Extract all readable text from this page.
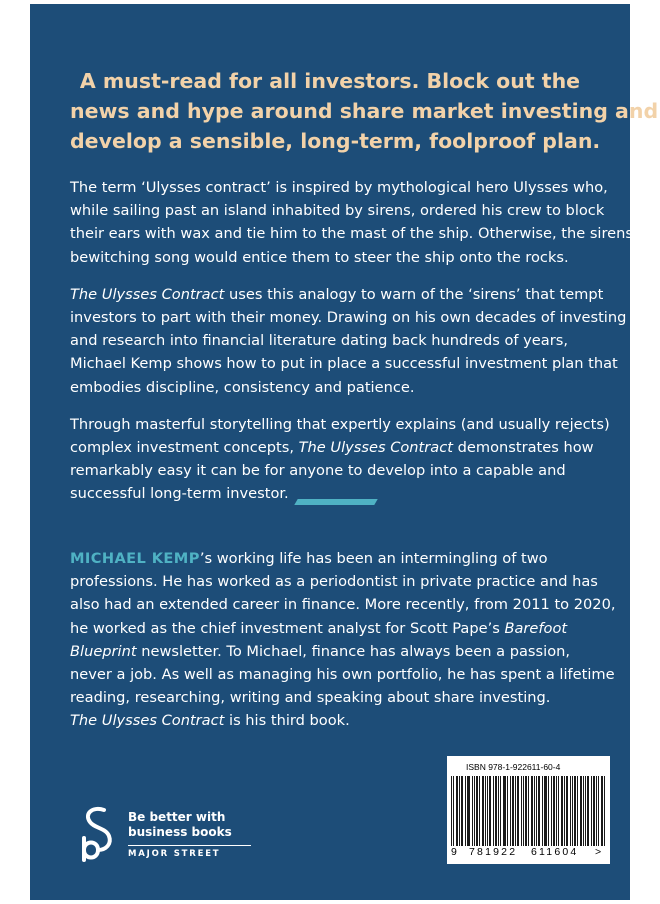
A must-read for all investors. Block out the
news and hype around share market investing and
develop a sensible, long-term, foolproof plan.

The term ‘Ulysses contract’ is inspired by mythological hero Ulysses who,
while sailing past an island inhabited by sirens, ordered his crew to block
their ears with wax and tie him to the mast of the ship. Otherwise, the sirens’
bewitching song would entice them to steer the ship onto the rocks.

The Ulysses Contract uses this analogy to warn of the ‘sirens’ that tempt
investors to part with their money. Drawing on his own decades of investing
and research into financial literature dating back hundreds of years,
Michael Kemp shows how to put in place a successful investment plan that
embodies discipline, consistency and patience.

Through masterful storytelling that expertly explains (and usually rejects)
complex investment concepts, The Ulysses Contract demonstrates how
remarkably easy it can be for anyone to develop into a capable and
successful long-term investor.

MICHAEL KEMP’s working life has been an intermingling of two
professions. He has worked as a periodontist in private practice and has
also had an extended career in finance. More recently, from 2011 to 2020,
he worked as the chief investment analyst for Scott Pape’s Barefoot
Blueprint newsletter. To Michael, finance has always been a passion,
never a job. As well as managing his own portfolio, he has spent a lifetime
reading, researching, writing and speaking about share investing.
The Ulysses Contract is his third book.
Be better with
business books
MAJOR STREET
ISBN 978-1-922611-60-4
9 781922 611604 >
